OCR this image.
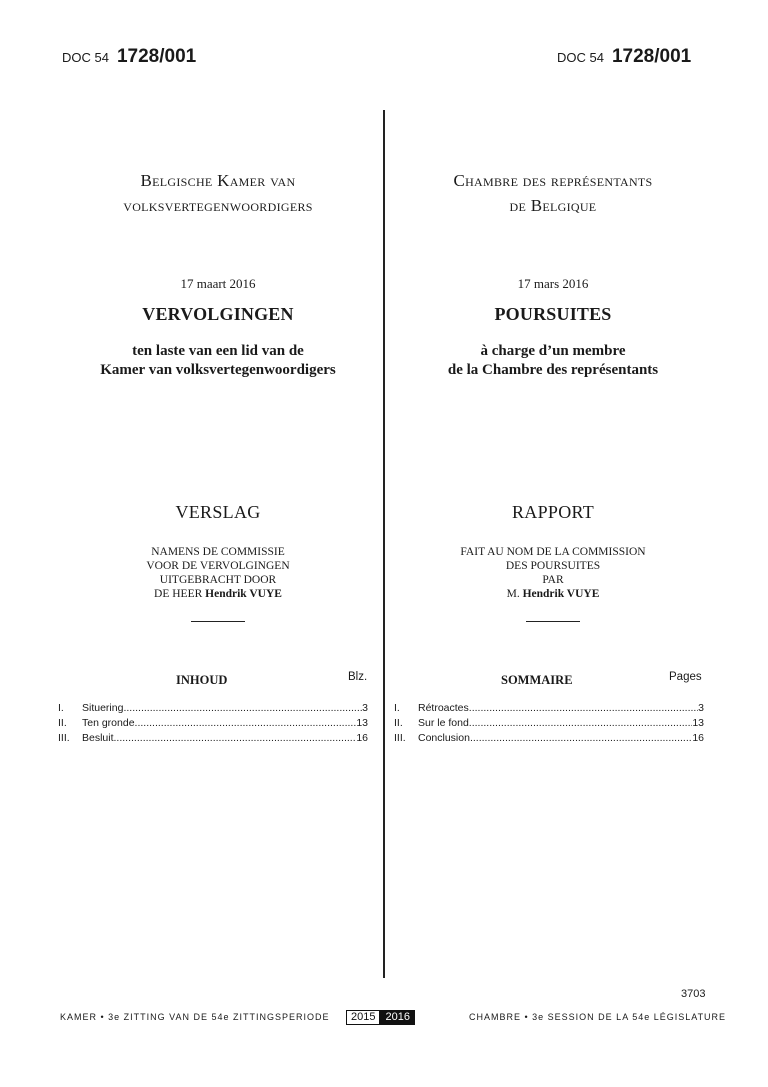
DOC 54 1728/001	DOC 54 1728/001
Belgische Kamer van
volksvertegenwoordigers
17 maart 2016
VERVOLGINGEN
ten laste van een lid van de
Kamer van volksvertegenwoordigers
VERSLAG
NAMENS DE COMMISSIE
VOOR DE VERVOLGINGEN
UITGEBRACHT DOOR
DE HEER Hendrik VUYE
INHOUD	Blz.
I.	Situering .....	3
II.	Ten gronde .....	13
III.	Besluit .....	16
Chambre des représentants
de Belgique
17 mars 2016
POURSUITES
à charge d’un membre
de la Chambre des représentants
RAPPORT
FAIT AU NOM DE LA COMMISSION
DES POURSUITES
PAR
M. Hendrik VUYE
SOMMAIRE	Pages
I.	Rétroactes .....	3
II.	Sur le fond .....	13
III.	Conclusion .....	16
3703
KAMER • 3e ZITTING VAN DE 54e ZITTINGSPERIODE	2015 2016	CHAMBRE • 3e SESSION DE LA 54e LÉGISLATURE
